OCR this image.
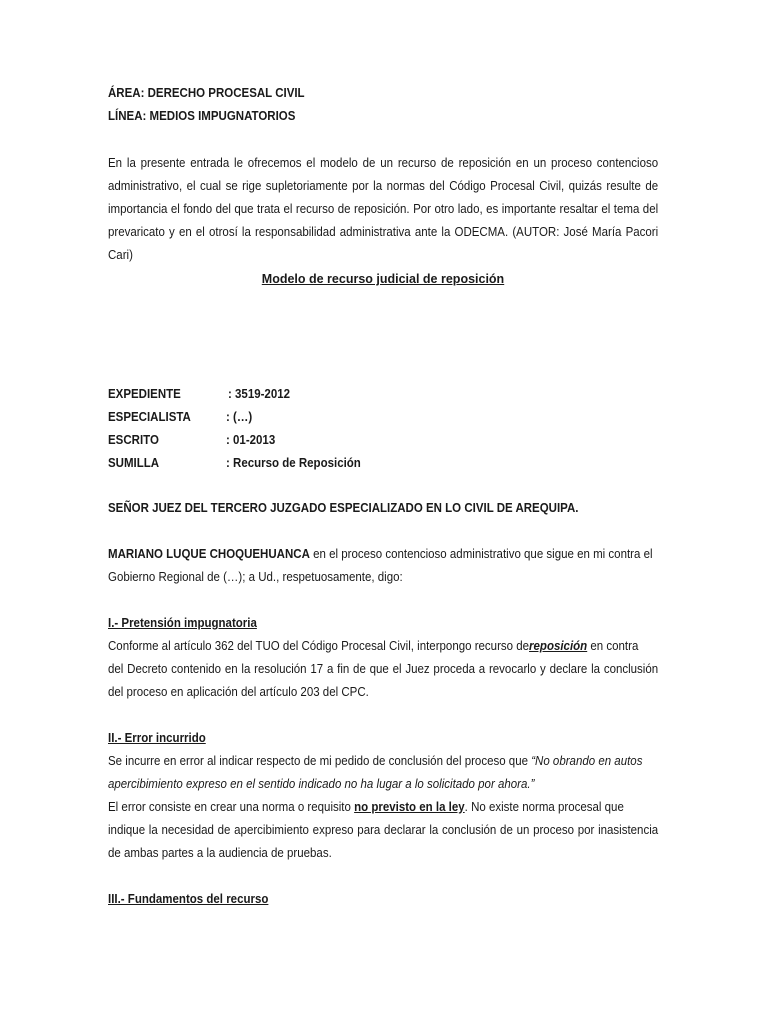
ÁREA: DERECHO PROCESAL CIVIL
LÍNEA: MEDIOS IMPUGNATORIOS
En la presente entrada le ofrecemos el modelo de un recurso de reposición en un proceso contencioso
administrativo, el cual se rige supletoriamente por la normas del Código Procesal Civil, quizás resulte de
importancia el fondo del que trata el recurso de reposición. Por otro lado, es importante resaltar el tema del
prevaricato y en el otrosí la responsabilidad administrativa ante la ODECMA. (AUTOR: José María Pacori
Cari)
Modelo de recurso judicial de reposición
EXPEDIENTE	: 3519-2012
ESPECIALISTA	: (…)
ESCRITO	: 01-2013
SUMILLA	: Recurso de Reposición
SEÑOR JUEZ DEL TERCERO JUZGADO ESPECIALIZADO EN LO CIVIL DE AREQUIPA.
MARIANO LUQUE CHOQUEHUANCA en el proceso contencioso administrativo que sigue en mi contra el
Gobierno Regional de (…); a Ud., respetuosamente, digo:
I.- Pretensión impugnatoria
Conforme al artículo 362 del TUO del Código Procesal Civil, interpongo recurso dereposición en contra
del Decreto contenido en la resolución 17 a fin de que el Juez proceda a revocarlo y declare la conclusión
del proceso en aplicación del artículo 203 del CPC.
II.- Error incurrido
Se incurre en error al indicar respecto de mi pedido de conclusión del proceso que “No obrando en autos
apercibimiento expreso en el sentido indicado no ha lugar a lo solicitado por ahora.”
El error consiste en crear una norma o requisito no previsto en la ley. No existe norma procesal que
indique la necesidad de apercibimiento expreso para declarar la conclusión de un proceso por inasistencia
de ambas partes a la audiencia de pruebas.
III.- Fundamentos del recurso
